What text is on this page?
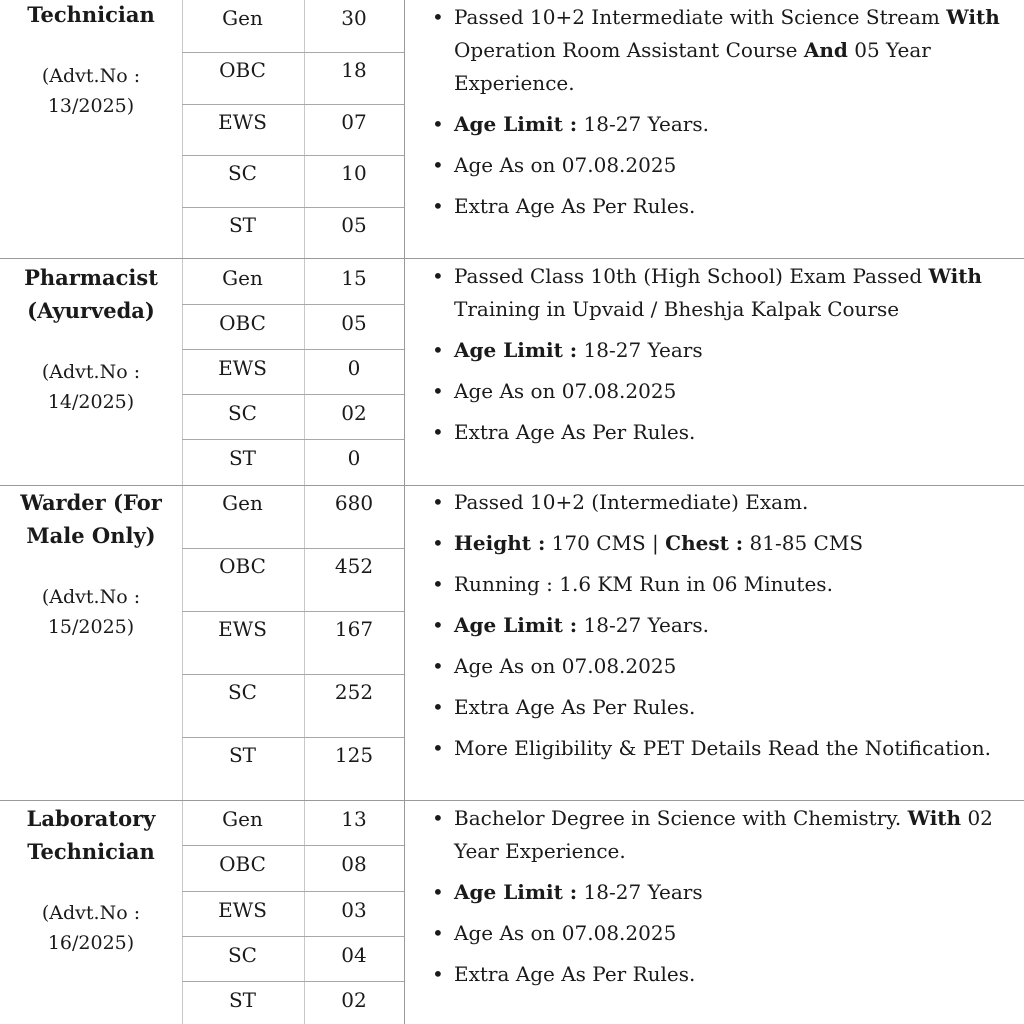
Technician
(Advt.No : 13/2025)
Gen	30
OBC	18
EWS	07
SC	10
ST	05
• Passed 10+2 Intermediate with Science Stream With Operation Room Assistant Course And 05 Year Experience.
• Age Limit : 18-27 Years.
• Age As on 07.08.2025
• Extra Age As Per Rules.
Pharmacist (Ayurveda)
(Advt.No : 14/2025)
Gen	15
OBC	05
EWS	0
SC	02
ST	0
• Passed Class 10th (High School) Exam Passed With Training in Upvaid / Bheshja Kalpak Course
• Age Limit : 18-27 Years
• Age As on 07.08.2025
• Extra Age As Per Rules.
Warder (For Male Only)
(Advt.No : 15/2025)
Gen	680
OBC	452
EWS	167
SC	252
ST	125
• Passed 10+2 (Intermediate) Exam.
• Height : 170 CMS | Chest : 81-85 CMS
• Running : 1.6 KM Run in 06 Minutes.
• Age Limit : 18-27 Years.
• Age As on 07.08.2025
• Extra Age As Per Rules.
• More Eligibility & PET Details Read the Notification.
Laboratory Technician
(Advt.No : 16/2025)
Gen	13
OBC	08
EWS	03
SC	04
ST	02
• Bachelor Degree in Science with Chemistry. With 02 Year Experience.
• Age Limit : 18-27 Years
• Age As on 07.08.2025
• Extra Age As Per Rules.
